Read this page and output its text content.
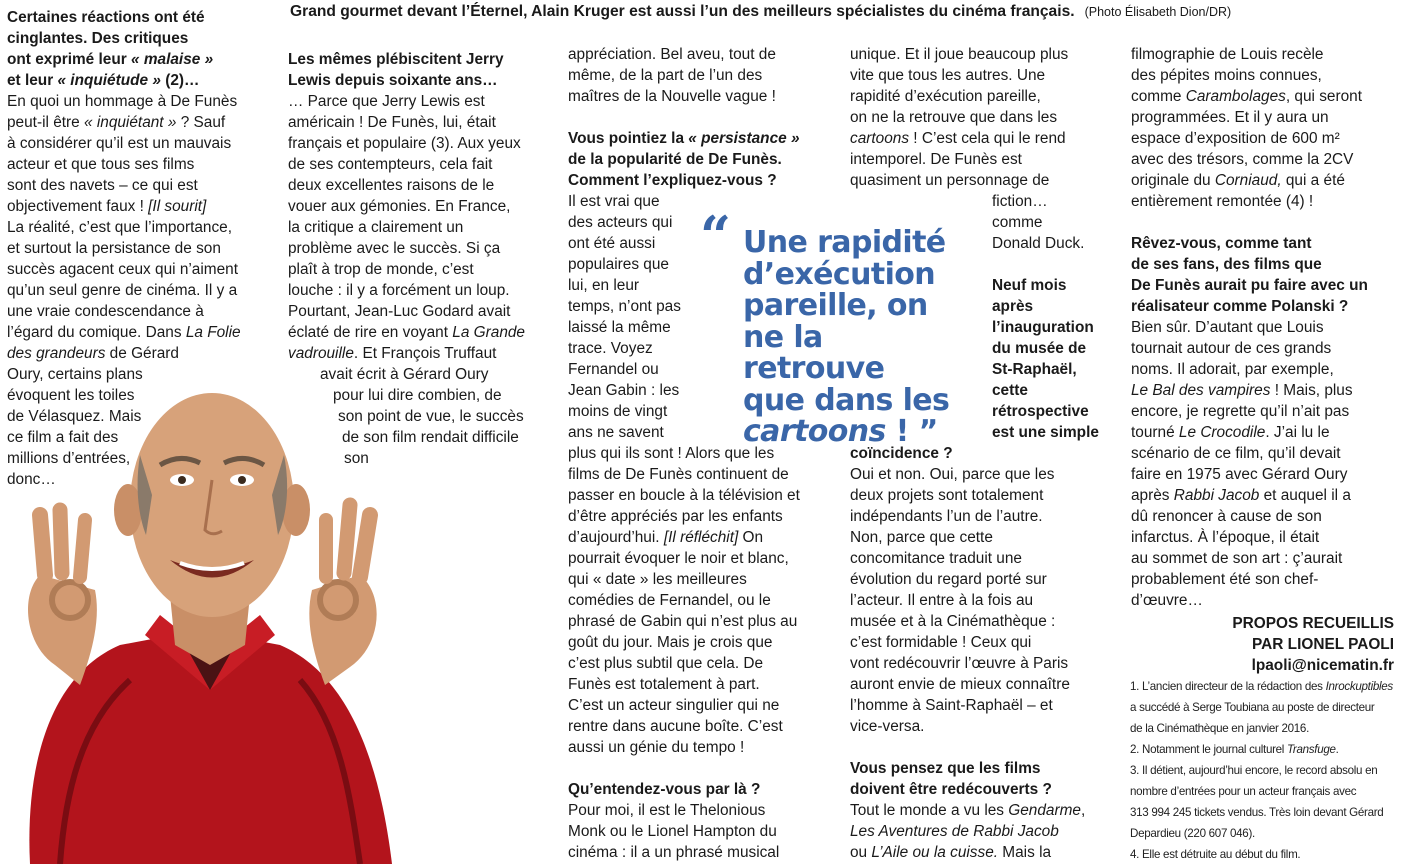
Grand gourmet devant l’Éternel, Alain Kruger est aussi l’un des meilleurs spécialistes du cinéma français. (Photo Élisabeth Dion/DR)

Certaines réactions ont été
cinglantes. Des critiques
ont exprimé leur « malaise »
et leur « inquiétude » (2)…

En quoi un hommage à De Funès
peut-il être « inquiétant » ? Sauf
à considérer qu’il est un mauvais
acteur et que tous ses films
sont des navets – ce qui est
objectivement faux ! [Il sourit]
La réalité, c’est que l’importance,
et surtout la persistance de son
succès agacent ceux qui n’aiment
qu’un seul genre de cinéma. Il y a
une vraie condescendance à
l’égard du comique. Dans La Folie
des grandeurs de Gérard
Oury, certains plans
évoquent les toiles
de Vélasquez. Mais
ce film a fait des
millions d’entrées,
donc…

Les mêmes plébiscitent Jerry
Lewis depuis soixante ans…

… Parce que Jerry Lewis est
américain ! De Funès, lui, était
français et populaire (3). Aux yeux
de ses contempteurs, cela fait
deux excellentes raisons de le
vouer aux gémonies. En France,
la critique a clairement un
problème avec le succès. Si ça
plaît à trop de monde, c’est
louche : il y a forcément un loup.
Pourtant, Jean-Luc Godard avait
éclaté de rire en voyant La Grande
vadrouille. Et François Truffaut
avait écrit à Gérard Oury
pour lui dire combien, de
son point de vue, le succès
de son film rendait difficile
son

appréciation. Bel aveu, tout de
même, de la part de l’un des
maîtres de la Nouvelle vague !

Vous pointiez la « persistance »
de la popularité de De Funès.
Comment l’expliquez-vous ?

Il est vrai que
des acteurs qui
ont été aussi
populaires que
lui, en leur
temps, n’ont pas
laissé la même
trace. Voyez
Fernandel ou
Jean Gabin : les
moins de vingt
ans ne savent
plus qui ils sont ! Alors que les
films de De Funès continuent de
passer en boucle à la télévision et
d’être appréciés par les enfants
d’aujourd’hui. [Il réfléchit] On
pourrait évoquer le noir et blanc,
qui « date » les meilleures
comédies de Fernandel, ou le
phrasé de Gabin qui n’est plus au
goût du jour. Mais je crois que
c’est plus subtil que cela. De
Funès est totalement à part.
C’est un acteur singulier qui ne
rentre dans aucune boîte. C’est
aussi un génie du tempo !

Qu’entendez-vous par là ?

Pour moi, il est le Thelonious
Monk ou le Lionel Hampton du
cinéma : il a un phrasé musical

“ Une rapidité
d’exécution
pareille, on
ne la retrouve
que dans les
cartoons ! ”

unique. Et il joue beaucoup plus
vite que tous les autres. Une
rapidité d’exécution pareille,
on ne la retrouve que dans les
cartoons ! C’est cela qui le rend
intemporel. De Funès est
quasiment un personnage de
fiction…
comme
Donald Duck.

Neuf mois
après
l’inauguration
du musée de
St-Raphaël,
cette
rétrospective
est une simple

coïncidence ?

Oui et non. Oui, parce que les
deux projets sont totalement
indépendants l’un de l’autre.
Non, parce que cette
concomitance traduit une
évolution du regard porté sur
l’acteur. Il entre à la fois au
musée et à la Cinémathèque :
c’est formidable ! Ceux qui
vont redécouvrir l’œuvre à Paris
auront envie de mieux connaître
l’homme à Saint-Raphaël – et
vice-versa.

Vous pensez que les films
doivent être redécouverts ?

Tout le monde a vu les Gendarme,
Les Aventures de Rabbi Jacob
ou L’Aile ou la cuisse. Mais la

filmographie de Louis recèle
des pépites moins connues,
comme Carambolages, qui seront
programmées. Et il y aura un
espace d’exposition de 600 m²
avec des trésors, comme la 2CV
originale du Corniaud, qui a été
entièrement remontée (4) !

Rêvez-vous, comme tant
de ses fans, des films que
De Funès aurait pu faire avec un
réalisateur comme Polanski ?

Bien sûr. D’autant que Louis
tournait autour de ces grands
noms. Il adorait, par exemple,
Le Bal des vampires ! Mais, plus
encore, je regrette qu’il n’ait pas
tourné Le Crocodile. J’ai lu le
scénario de ce film, qu’il devait
faire en 1975 avec Gérard Oury
après Rabbi Jacob et auquel il a
dû renoncer à cause de son
infarctus. À l’époque, il était
au sommet de son art : ç’aurait
probablement été son chef-
d’œuvre…

PROPOS RECUEILLIS
PAR LIONEL PAOLI
lpaoli@nicematin.fr
1. L’ancien directeur de la rédaction des Inrockuptibles
a succédé à Serge Toubiana au poste de directeur
de la Cinémathèque en janvier 2016.
2. Notamment le journal culturel Transfuge.
3. Il détient, aujourd’hui encore, le record absolu en
nombre d’entrées pour un acteur français avec
313 994 245 tickets vendus. Très loin devant Gérard
Depardieu (220 607 046).
4. Elle est détruite au début du film.
